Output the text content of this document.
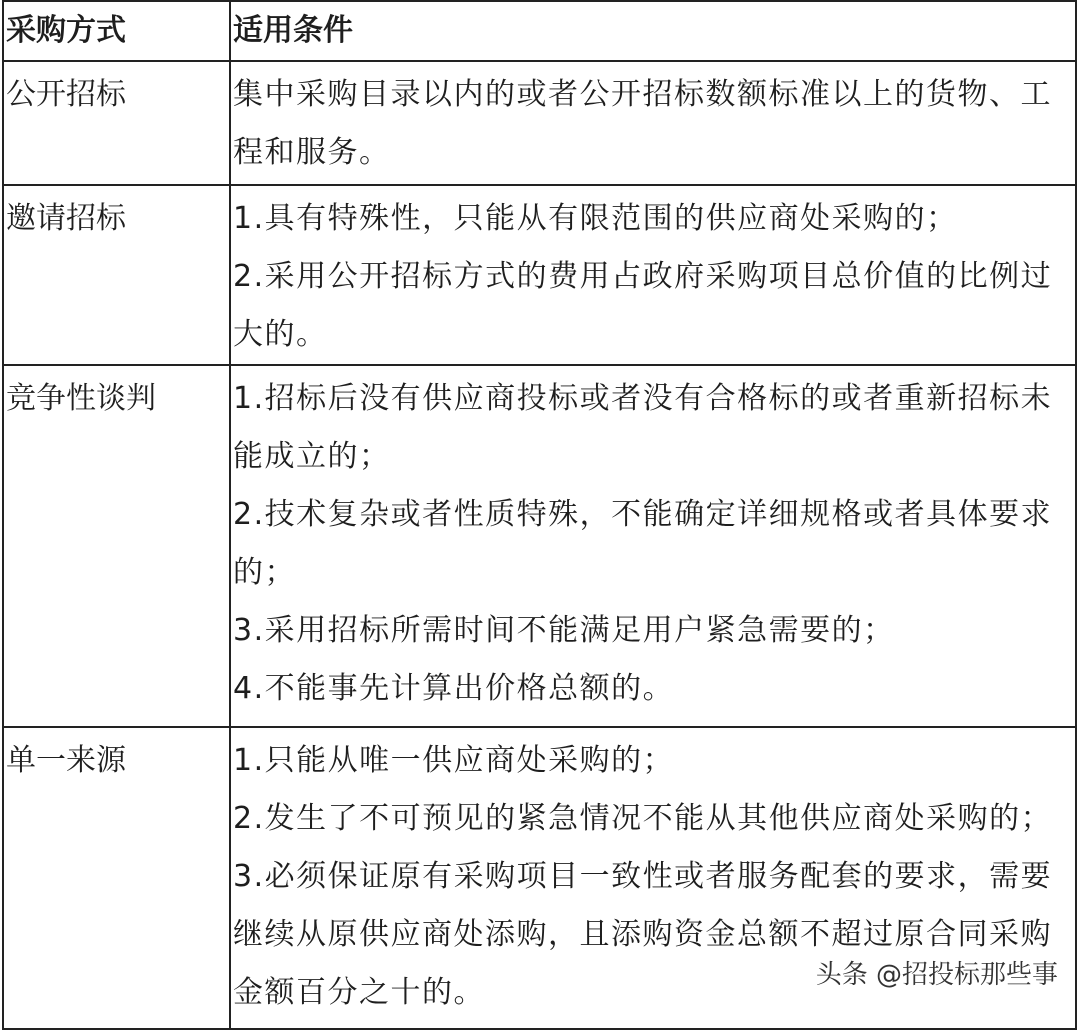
采购方式	适用条件
公开招标	集中采购目录以内的或者公开招标数额标准以上的货物、工程和服务。

邀请招标	1.具有特殊性，只能从有限范围的供应商处采购的；
2.采用公开招标方式的费用占政府采购项目总价值的比例过大的。

竞争性谈判	1.招标后没有供应商投标或者没有合格标的或者重新招标未能成立的；
2.技术复杂或者性质特殊，不能确定详细规格或者具体要求的；
3.采用招标所需时间不能满足用户紧急需要的；
4.不能事先计算出价格总额的。

单一来源	1.只能从唯一供应商处采购的；
2.发生了不可预见的紧急情况不能从其他供应商处采购的；
3.必须保证原有采购项目一致性或者服务配套的要求，需要继续从原供应商处添购，且添购资金总额不超过原合同采购金额百分之十的。	头条 @招投标那些事
